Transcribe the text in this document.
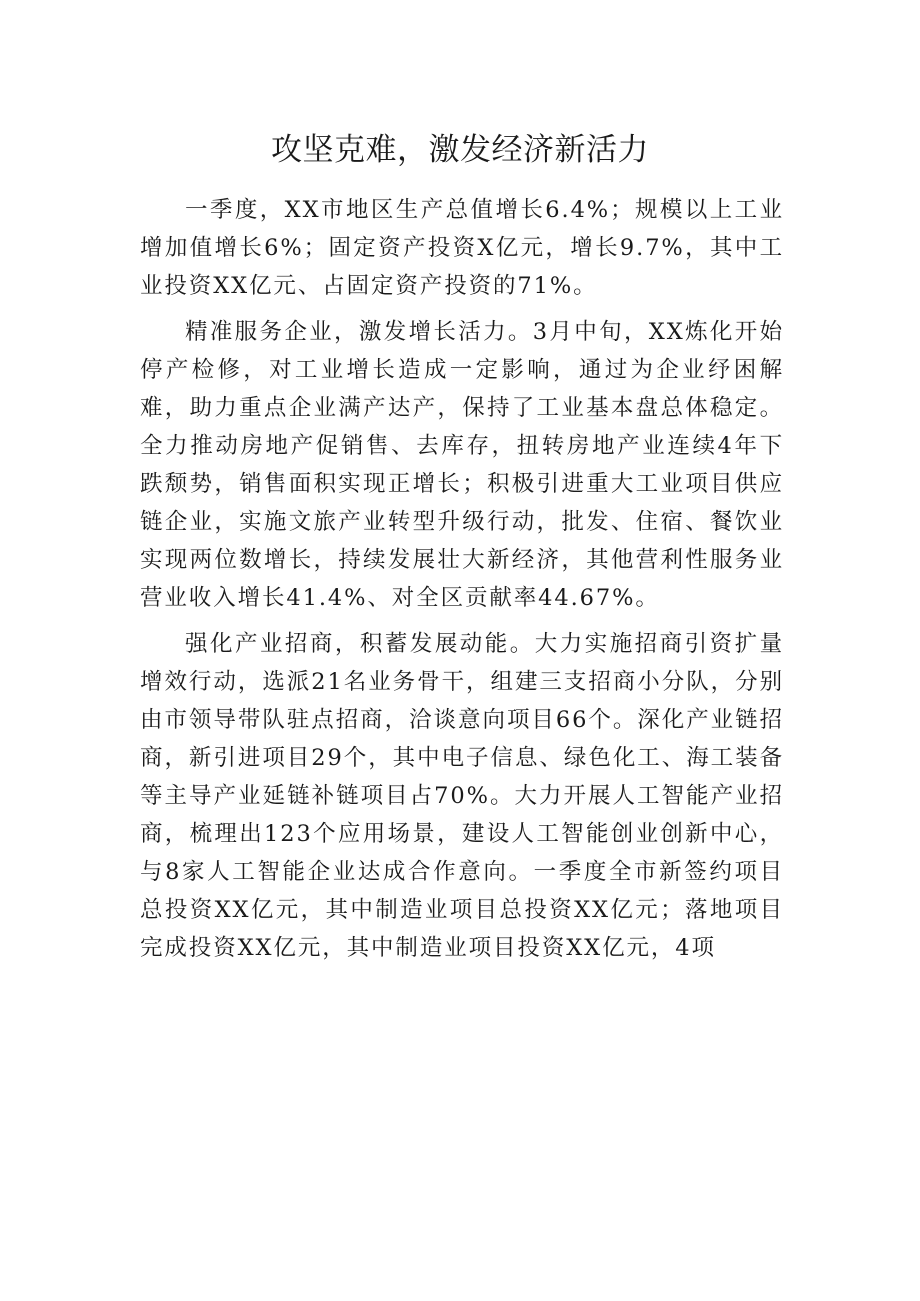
攻坚克难，激发经济新活力

一季度，XX市地区生产总值增长6.4%；规模以上工业增加值增长6%；固定资产投资X亿元，增长9.7%，其中工业投资XX亿元、占固定资产投资的71%。

精准服务企业，激发增长活力。3月中旬，XX炼化开始停产检修，对工业增长造成一定影响，通过为企业纾困解难，助力重点企业满产达产，保持了工业基本盘总体稳定。全力推动房地产促销售、去库存，扭转房地产业连续4年下跌颓势，销售面积实现正增长；积极引进重大工业项目供应链企业，实施文旅产业转型升级行动，批发、住宿、餐饮业实现两位数增长，持续发展壮大新经济，其他营利性服务业营业收入增长41.4%、对全区贡献率44.67%。

强化产业招商，积蓄发展动能。大力实施招商引资扩量增效行动，选派21名业务骨干，组建三支招商小分队，分别由市领导带队驻点招商，洽谈意向项目66个。深化产业链招商，新引进项目29个，其中电子信息、绿色化工、海工装备等主导产业延链补链项目占70%。大力开展人工智能产业招商，梳理出123个应用场景，建设人工智能创业创新中心，与8家人工智能企业达成合作意向。一季度全市新签约项目总投资XX亿元，其中制造业项目总投资XX亿元；落地项目完成投资XX亿元，其中制造业项目投资XX亿元，4项
